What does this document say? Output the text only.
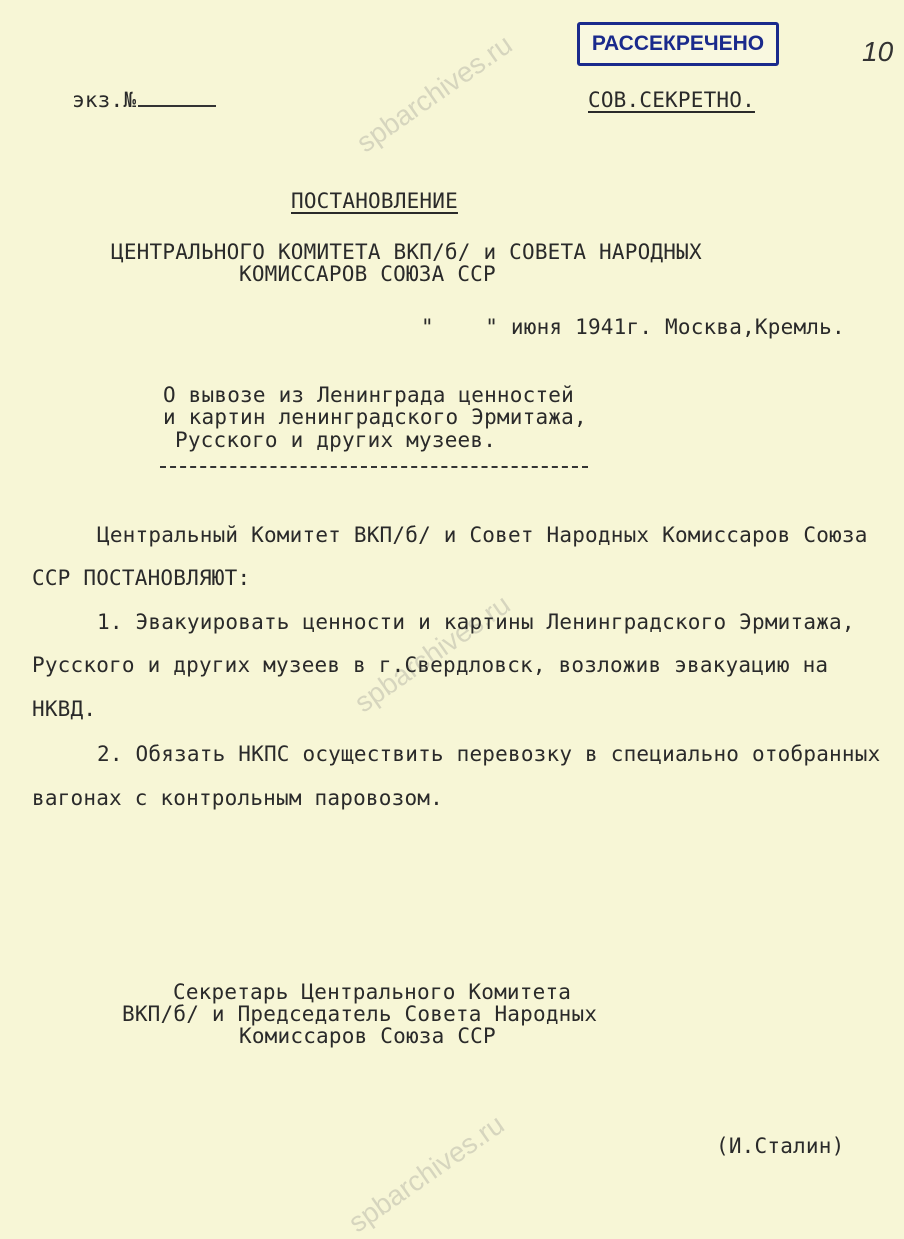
spbarchives.ru
spbarchives.ru
spbarchives.ru
РАССЕКРЕЧЕНО	10
экз.№	СОВ.СЕКРЕТНО.
ПОСТАНОВЛЕНИЕ
ЦЕНТРАЛЬНОГО КОМИТЕТА ВКП/б/ и СОВЕТА НАРОДНЫХ
КОМИССАРОВ СОЮЗА ССР
"    " июня 1941г. Москва,Кремль.
О вывозе из Ленинграда ценностей
и картин ленинградского Эрмитажа,
Русского и других музеев.
Центральный Комитет ВКП/б/ и Совет Народных Комиссаров Союза
ССР ПОСТАНОВЛЯЮТ:
1. Эвакуировать ценности и картины Ленинградского Эрмитажа,
Русского и других музеев в г.Свердловск, возложив эвакуацию на
НКВД.
2. Обязать НКПС осуществить перевозку в специально отобранных
вагонах с контрольным паровозом.
Секретарь Центрального Комитета
ВКП/б/ и Председатель Совета Народных
Комиссаров Союза ССР
(И.Сталин)
